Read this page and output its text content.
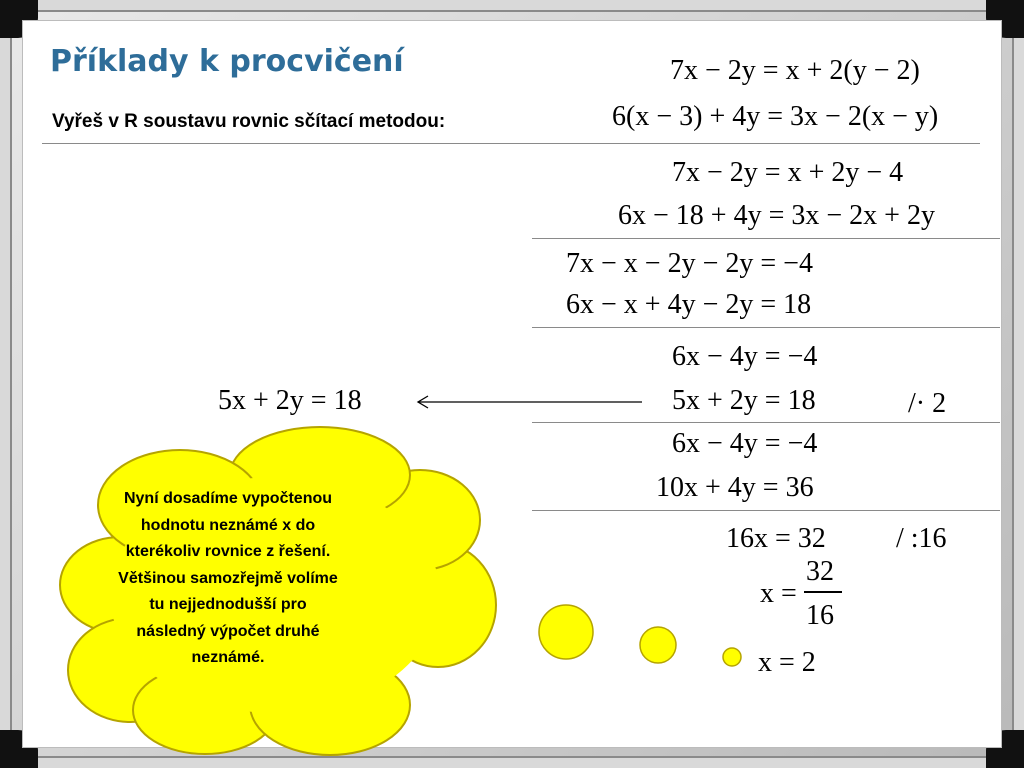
Příklady k procvičení
Vyřeš v R soustavu rovnic sčítací metodou:
7x − 2y = x + 2(y − 2)
6(x − 3) + 4y = 3x − 2(x − y)
7x − 2y = x + 2y − 4
6x − 18 + 4y = 3x − 2x + 2y
7x − x − 2y − 2y = −4
6x − x + 4y − 2y = 18
6x − 4y = −4
5x + 2y = 18	/· 2
5x + 2y = 18
6x − 4y = −4
10x + 4y = 36
16x = 32	/ :16
x =
32
16
x = 2
Nyní dosadíme vypočtenou hodnotu neznámé x do kterékoliv rovnice z řešení. Většinou samozřejmě volíme tu nejjednodušší pro následný výpočet druhé neznámé.
